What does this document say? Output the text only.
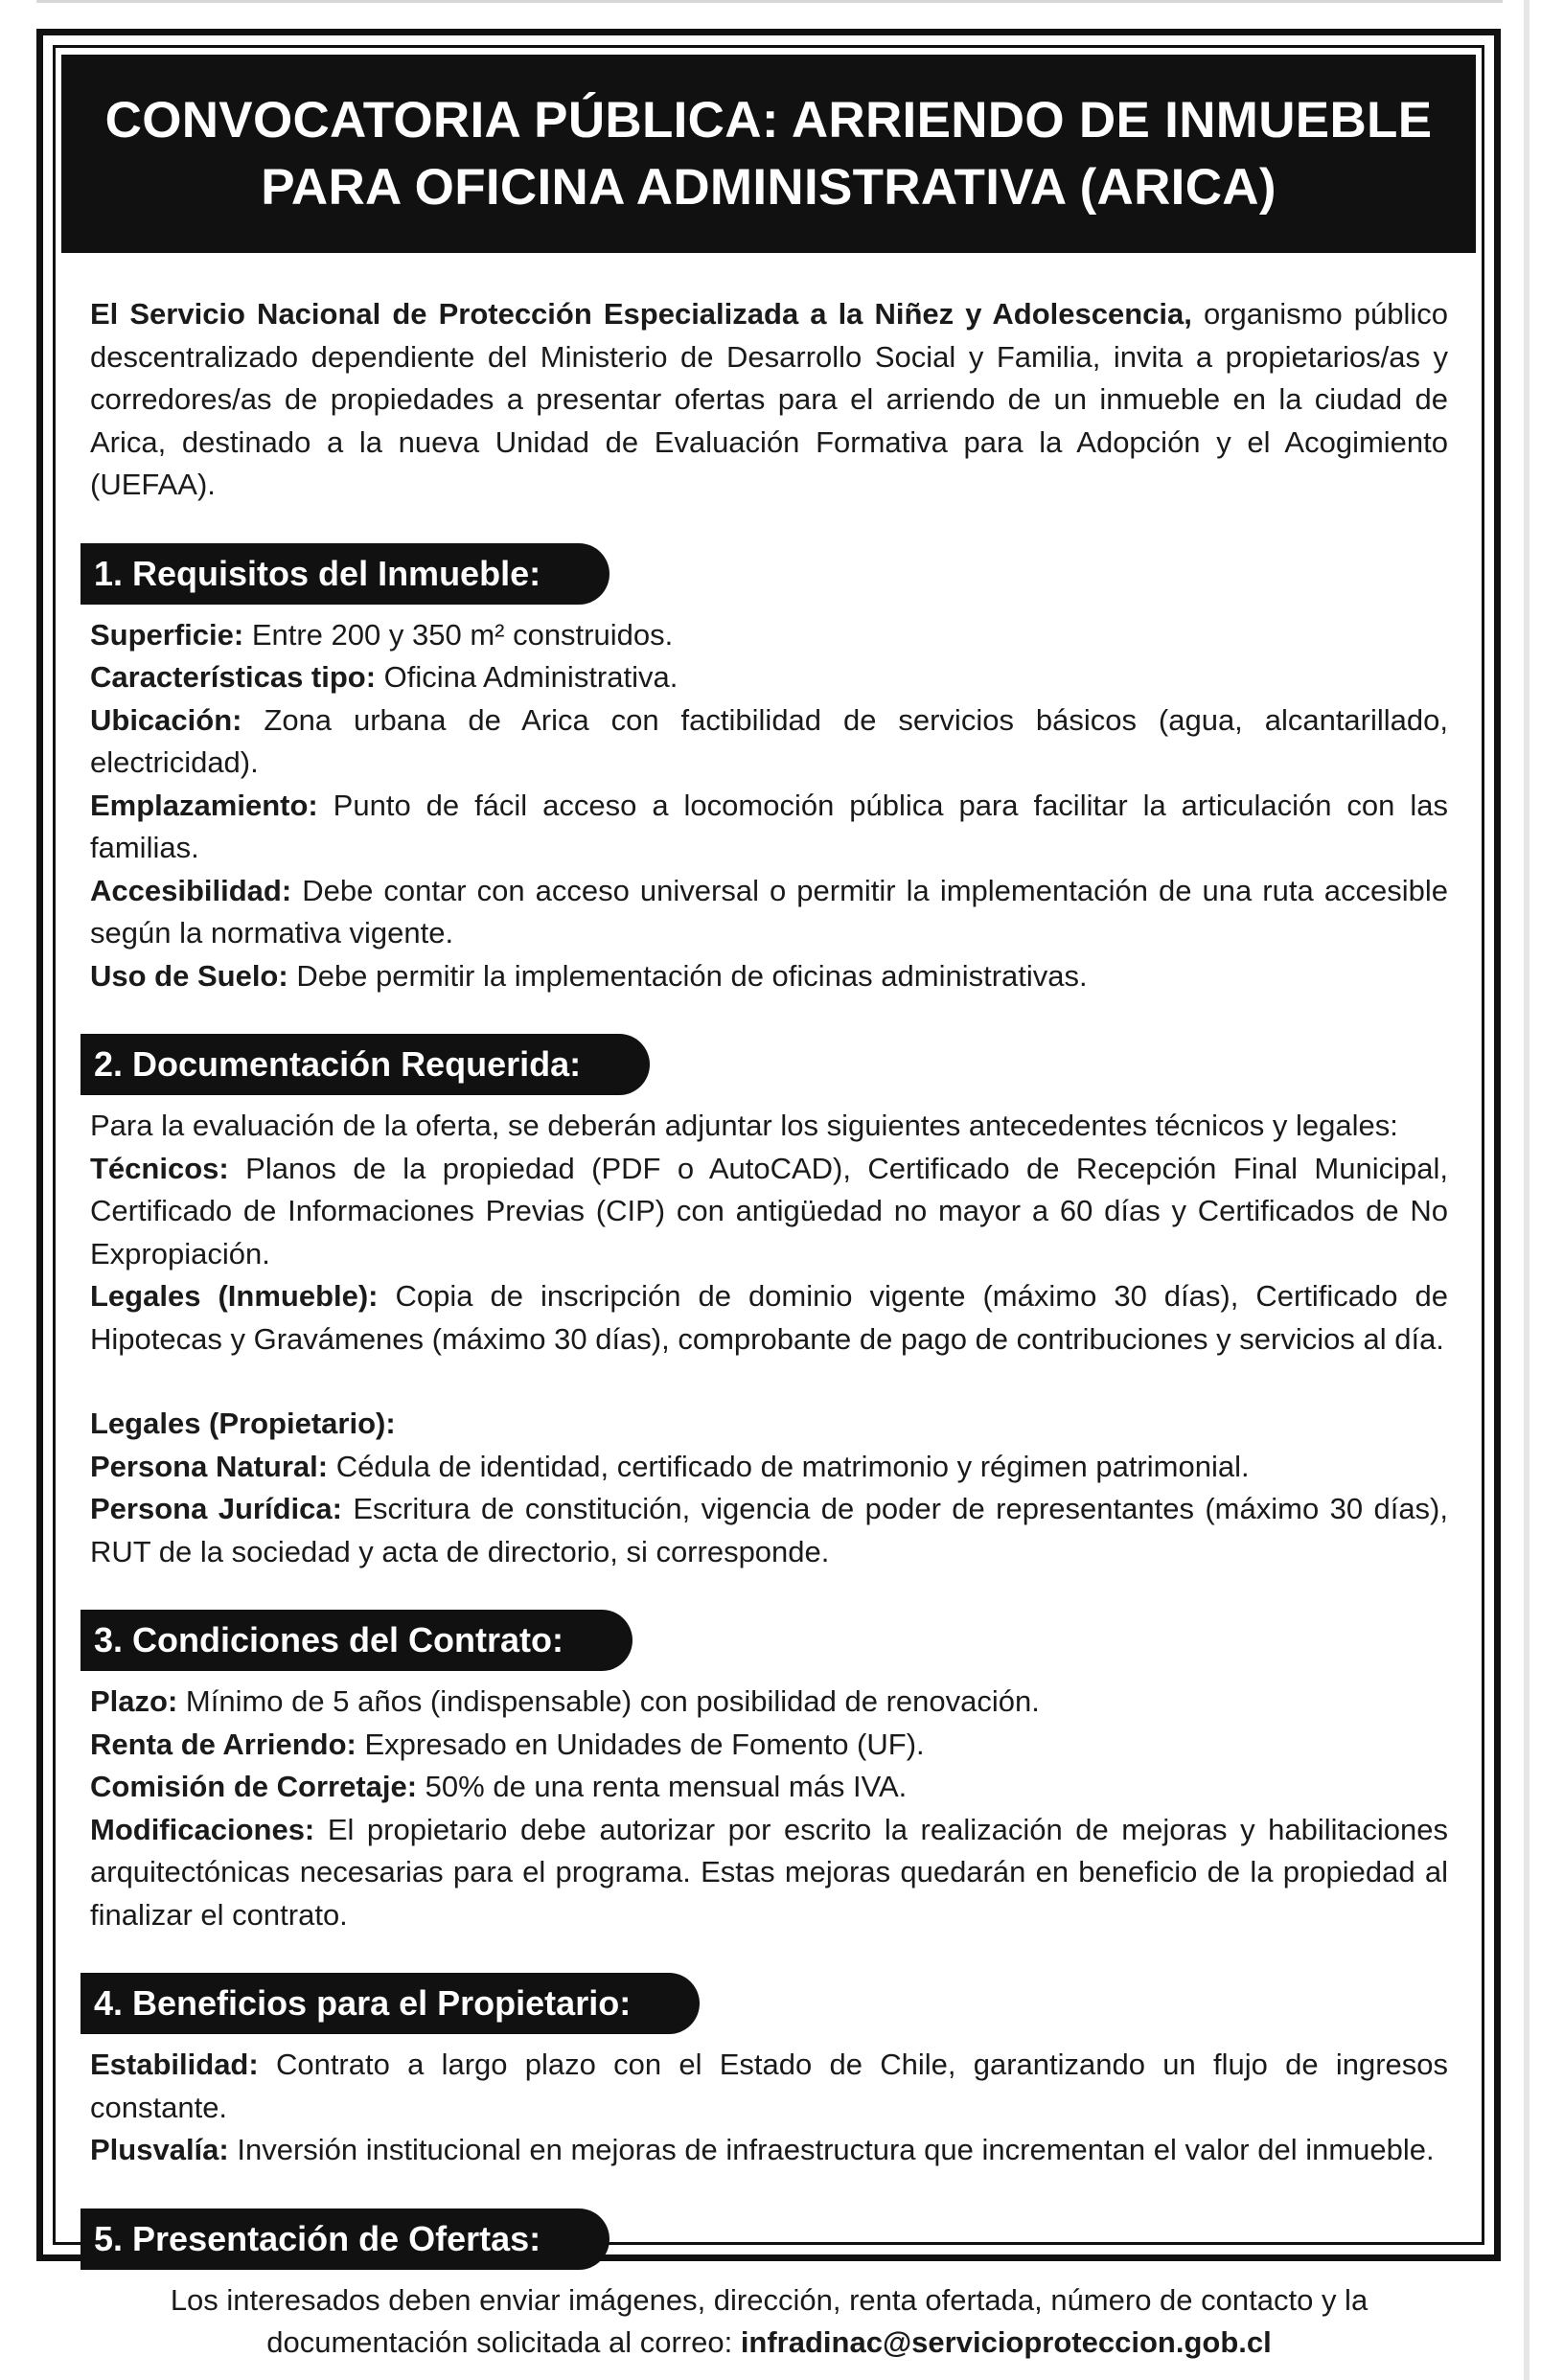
CONVOCATORIA PÚBLICA: ARRIENDO DE INMUEBLE
PARA OFICINA ADMINISTRATIVA (ARICA)

El Servicio Nacional de Protección Especializada a la Niñez y Adolescencia, organismo público descentralizado dependiente del Ministerio de Desarrollo Social y Familia, invita a propietarios/as y corredores/as de propiedades a presentar ofertas para el arriendo de un inmueble en la ciudad de Arica, destinado a la nueva Unidad de Evaluación Formativa para la Adopción y el Acogimiento (UEFAA).

1. Requisitos del Inmueble:

Superficie: Entre 200 y 350 m² construidos.

Características tipo: Oficina Administrativa.

Ubicación: Zona urbana de Arica con factibilidad de servicios básicos (agua, alcantarillado, electricidad).

Emplazamiento: Punto de fácil acceso a locomoción pública para facilitar la articulación con las familias.

Accesibilidad: Debe contar con acceso universal o permitir la implementación de una ruta accesible según la normativa vigente.

Uso de Suelo: Debe permitir la implementación de oficinas administrativas.

2. Documentación Requerida:

Para la evaluación de la oferta, se deberán adjuntar los siguientes antecedentes técnicos y legales:

Técnicos: Planos de la propiedad (PDF o AutoCAD), Certificado de Recepción Final Municipal, Certificado de Informaciones Previas (CIP) con antigüedad no mayor a 60 días y Certificados de No Expropiación.

Legales (Inmueble): Copia de inscripción de dominio vigente (máximo 30 días), Certificado de Hipotecas y Gravámenes (máximo 30 días), comprobante de pago de contribuciones y servicios al día.

Legales (Propietario):

Persona Natural: Cédula de identidad, certificado de matrimonio y régimen patrimonial.

Persona Jurídica: Escritura de constitución, vigencia de poder de representantes (máximo 30 días), RUT de la sociedad y acta de directorio, si corresponde.

3. Condiciones del Contrato:

Plazo: Mínimo de 5 años (indispensable) con posibilidad de renovación.

Renta de Arriendo: Expresado en Unidades de Fomento (UF).

Comisión de Corretaje: 50% de una renta mensual más IVA.

Modificaciones: El propietario debe autorizar por escrito la realización de mejoras y habilitaciones arquitectónicas necesarias para el programa. Estas mejoras quedarán en beneficio de la propiedad al finalizar el contrato.

4. Beneficios para el Propietario:

Estabilidad: Contrato a largo plazo con el Estado de Chile, garantizando un flujo de ingresos constante.

Plusvalía: Inversión institucional en mejoras de infraestructura que incrementan el valor del inmueble.

5. Presentación de Ofertas:

Los interesados deben enviar imágenes, dirección, renta ofertada, número de contacto y la

documentación solicitada al correo: infradinac@servicioproteccion.gob.cl
